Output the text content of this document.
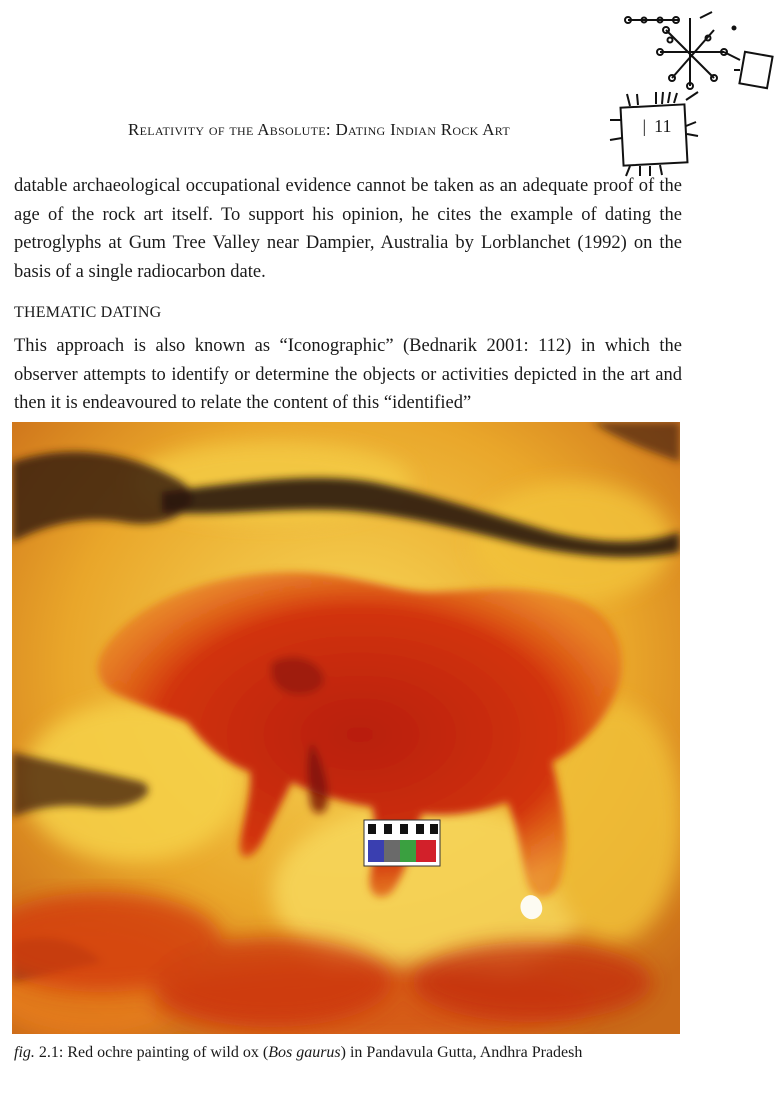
Relativity of the Absolute: Dating Indian Rock Art	| 11

datable archaeological occupational evidence cannot be taken as an adequate proof of the age of the rock art itself. To support his opinion, he cites the example of dating the petroglyphs at Gum Tree Valley near Dampier, Australia by Lorblanchet (1992) on the basis of a single radiocarbon date.

THEMATIC DATING

This approach is also known as “Iconographic” (Bednarik 2001: 112) in which the observer attempts to identify or determine the objects or activities depicted in the art and then it is endeavoured to relate the content of this “identified”

fig. 2.1: Red ochre painting of wild ox (Bos gaurus) in Pandavula Gutta, Andhra Pradesh
